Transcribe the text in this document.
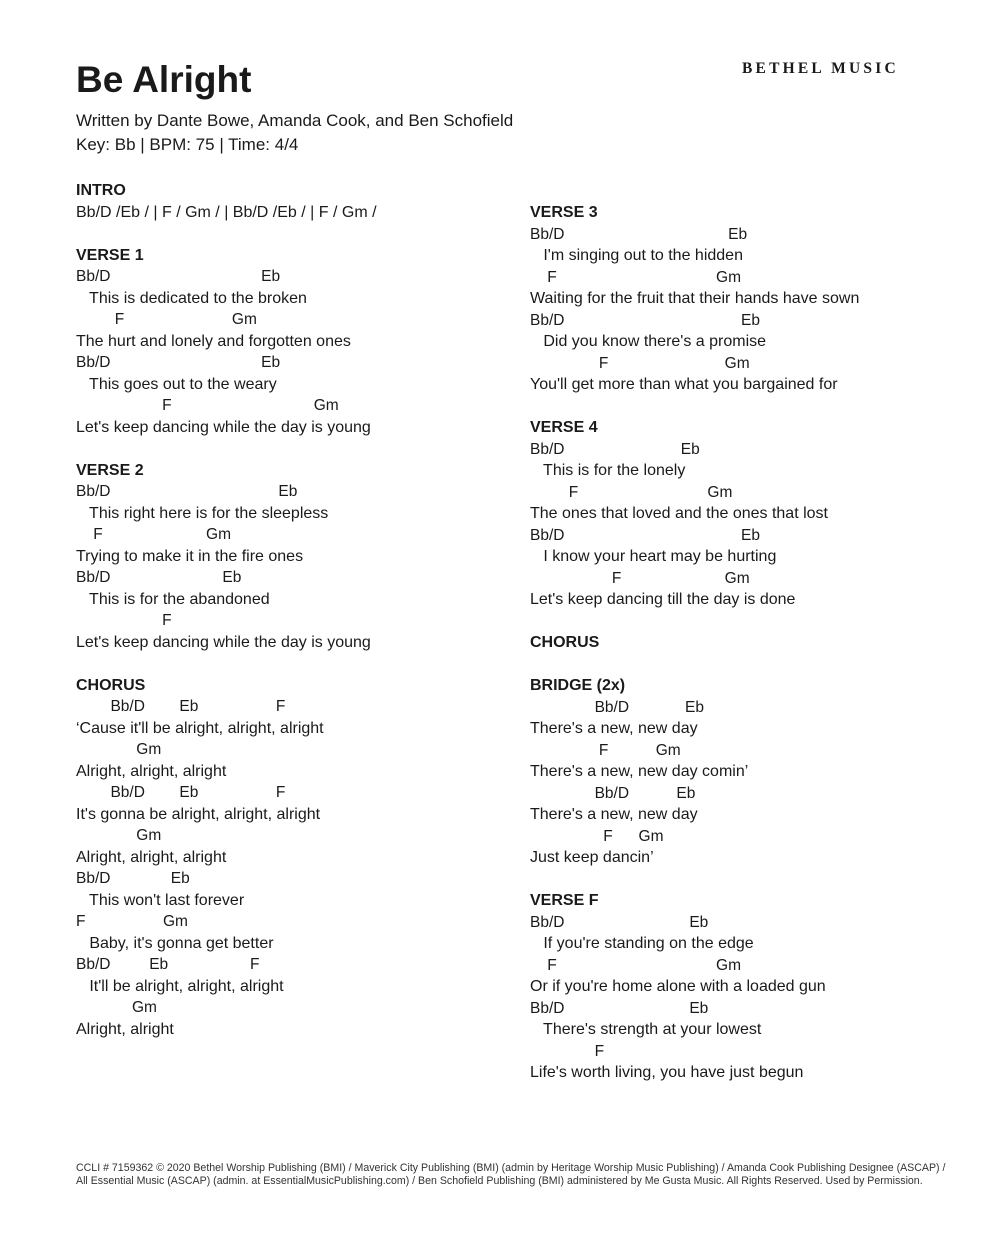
BETHEL MUSIC
Be Alright
Written by Dante Bowe, Amanda Cook, and Ben Schofield
Key: Bb | BPM: 75 | Time: 4/4
INTRO
Bb/D /Eb / | F / Gm / | Bb/D /Eb / | F / Gm /
VERSE 1
Bb/D                                   Eb
This is dedicated to the broken
F                         Gm
The hurt and lonely and forgotten ones
Bb/D                                   Eb
This goes out to the weary
F                                 Gm
Let's keep dancing while the day is young
VERSE 2
Bb/D                                       Eb
This right here is for the sleepless
F                        Gm
Trying to make it in the fire ones
Bb/D                          Eb
This is for the abandoned
F
Let's keep dancing while the day is young
CHORUS
Bb/D        Eb                  F
‘Cause it'll be alright, alright, alright
Gm
Alright, alright, alright
Bb/D        Eb                  F
It's gonna be alright, alright, alright
Gm
Alright, alright, alright
Bb/D              Eb
This won't last forever
F                  Gm
Baby, it's gonna get better
Bb/D         Eb                   F
It'll be alright, alright, alright
Gm
Alright, alright
VERSE 3
Bb/D                                      Eb
I'm singing out to the hidden
F                                     Gm
Waiting for the fruit that their hands have sown
Bb/D                                         Eb
Did you know there's a promise
F                           Gm
You'll get more than what you bargained for
VERSE 4
Bb/D                           Eb
This is for the lonely
F                              Gm
The ones that loved and the ones that lost
Bb/D                                         Eb
I know your heart may be hurting
F                        Gm
Let's keep dancing till the day is done
CHORUS
BRIDGE (2x)
Bb/D             Eb
There's a new, new day
F           Gm
There's a new, new day comin’
Bb/D           Eb
There's a new, new day
F      Gm
Just keep dancin’
VERSE F
Bb/D                             Eb
If you're standing on the edge
F                                     Gm
Or if you're home alone with a loaded gun
Bb/D                             Eb
There's strength at your lowest
F
Life's worth living, you have just begun
CCLI # 7159362 © 2020 Bethel Worship Publishing (BMI) / Maverick City Publishing (BMI) (admin by Heritage Worship Music Publishing) / Amanda Cook Publishing Designee (ASCAP) / All Essential Music (ASCAP) (admin. at EssentialMusicPublishing.com) / Ben Schofield Publishing (BMI) administered by Me Gusta Music. All Rights Reserved. Used by Permission.
